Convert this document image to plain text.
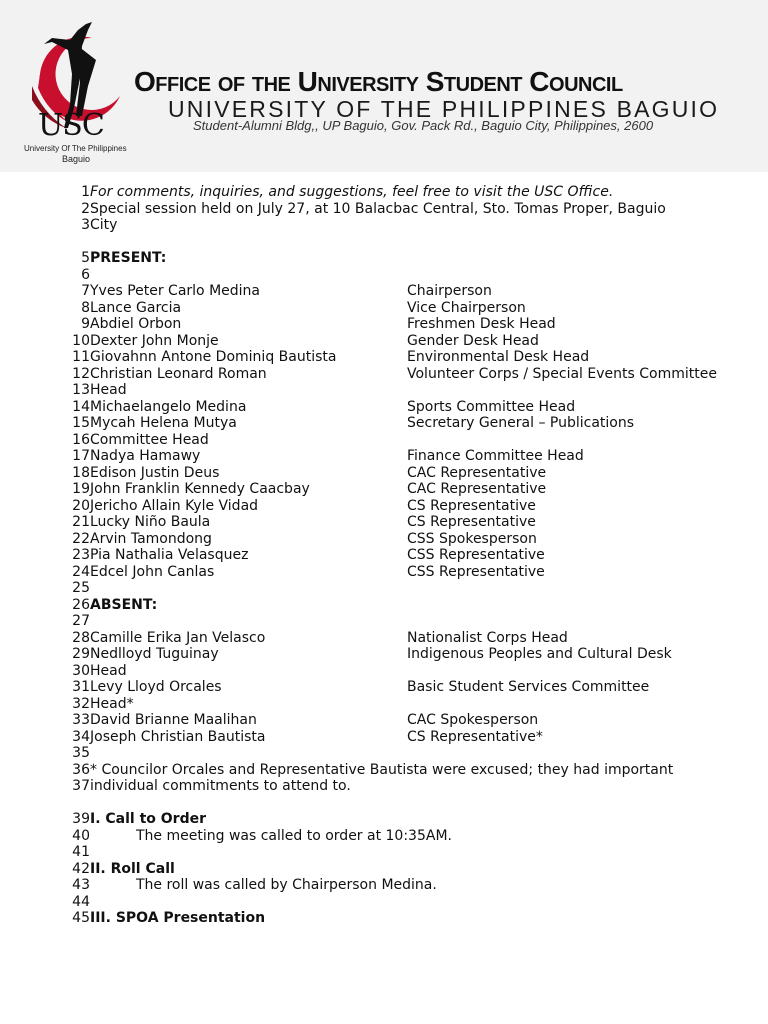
USC
University Of The Philippines
Baguio
Office of the University Student Council
UNIVERSITY OF THE PHILIPPINES BAGUIO
Student-Alumni Bldg,, UP Baguio, Gov. Pack Rd., Baguio City, Philippines, 2600
1 For comments, inquiries, and suggestions, feel free to visit the USC Office.
2 Special session held on July 27, at 10 Balacbac Central, Sto. Tomas Proper, Baguio
3 City
5 PRESENT:
6
7 Yves Peter Carlo Medina	Chairperson
8 Lance Garcia	Vice Chairperson
9 Abdiel Orbon	Freshmen Desk Head
10 Dexter John Monje	Gender Desk Head
11 Giovahnn Antone Dominiq Bautista	Environmental Desk Head
12 Christian Leonard Roman	Volunteer Corps / Special Events Committee
13 Head
14 Michaelangelo Medina	Sports Committee Head
15 Mycah Helena Mutya	Secretary General – Publications
16 Committee Head
17 Nadya Hamawy	Finance Committee Head
18 Edison Justin Deus	CAC Representative
19 John Franklin Kennedy Caacbay	CAC Representative
20 Jericho Allain Kyle Vidad	CS Representative
21 Lucky Niño Baula	CS Representative
22 Arvin Tamondong	CSS Spokesperson
23 Pia Nathalia Velasquez	CSS Representative
24 Edcel John Canlas	CSS Representative
25
26 ABSENT:
27
28 Camille Erika Jan Velasco	Nationalist Corps Head
29 Nedlloyd Tuguinay	Indigenous Peoples and Cultural Desk
30 Head
31 Levy Lloyd Orcales	Basic Student Services Committee
32 Head*
33 David Brianne Maalihan	CAC Spokesperson
34 Joseph Christian Bautista	CS Representative*
35
36 * Councilor Orcales and Representative Bautista were excused; they had important
37 individual commitments to attend to.
39 I. Call to Order
40	The meeting was called to order at 10:35AM.
41
42 II. Roll Call
43	The roll was called by Chairperson Medina.
44
45 III. SPOA Presentation
